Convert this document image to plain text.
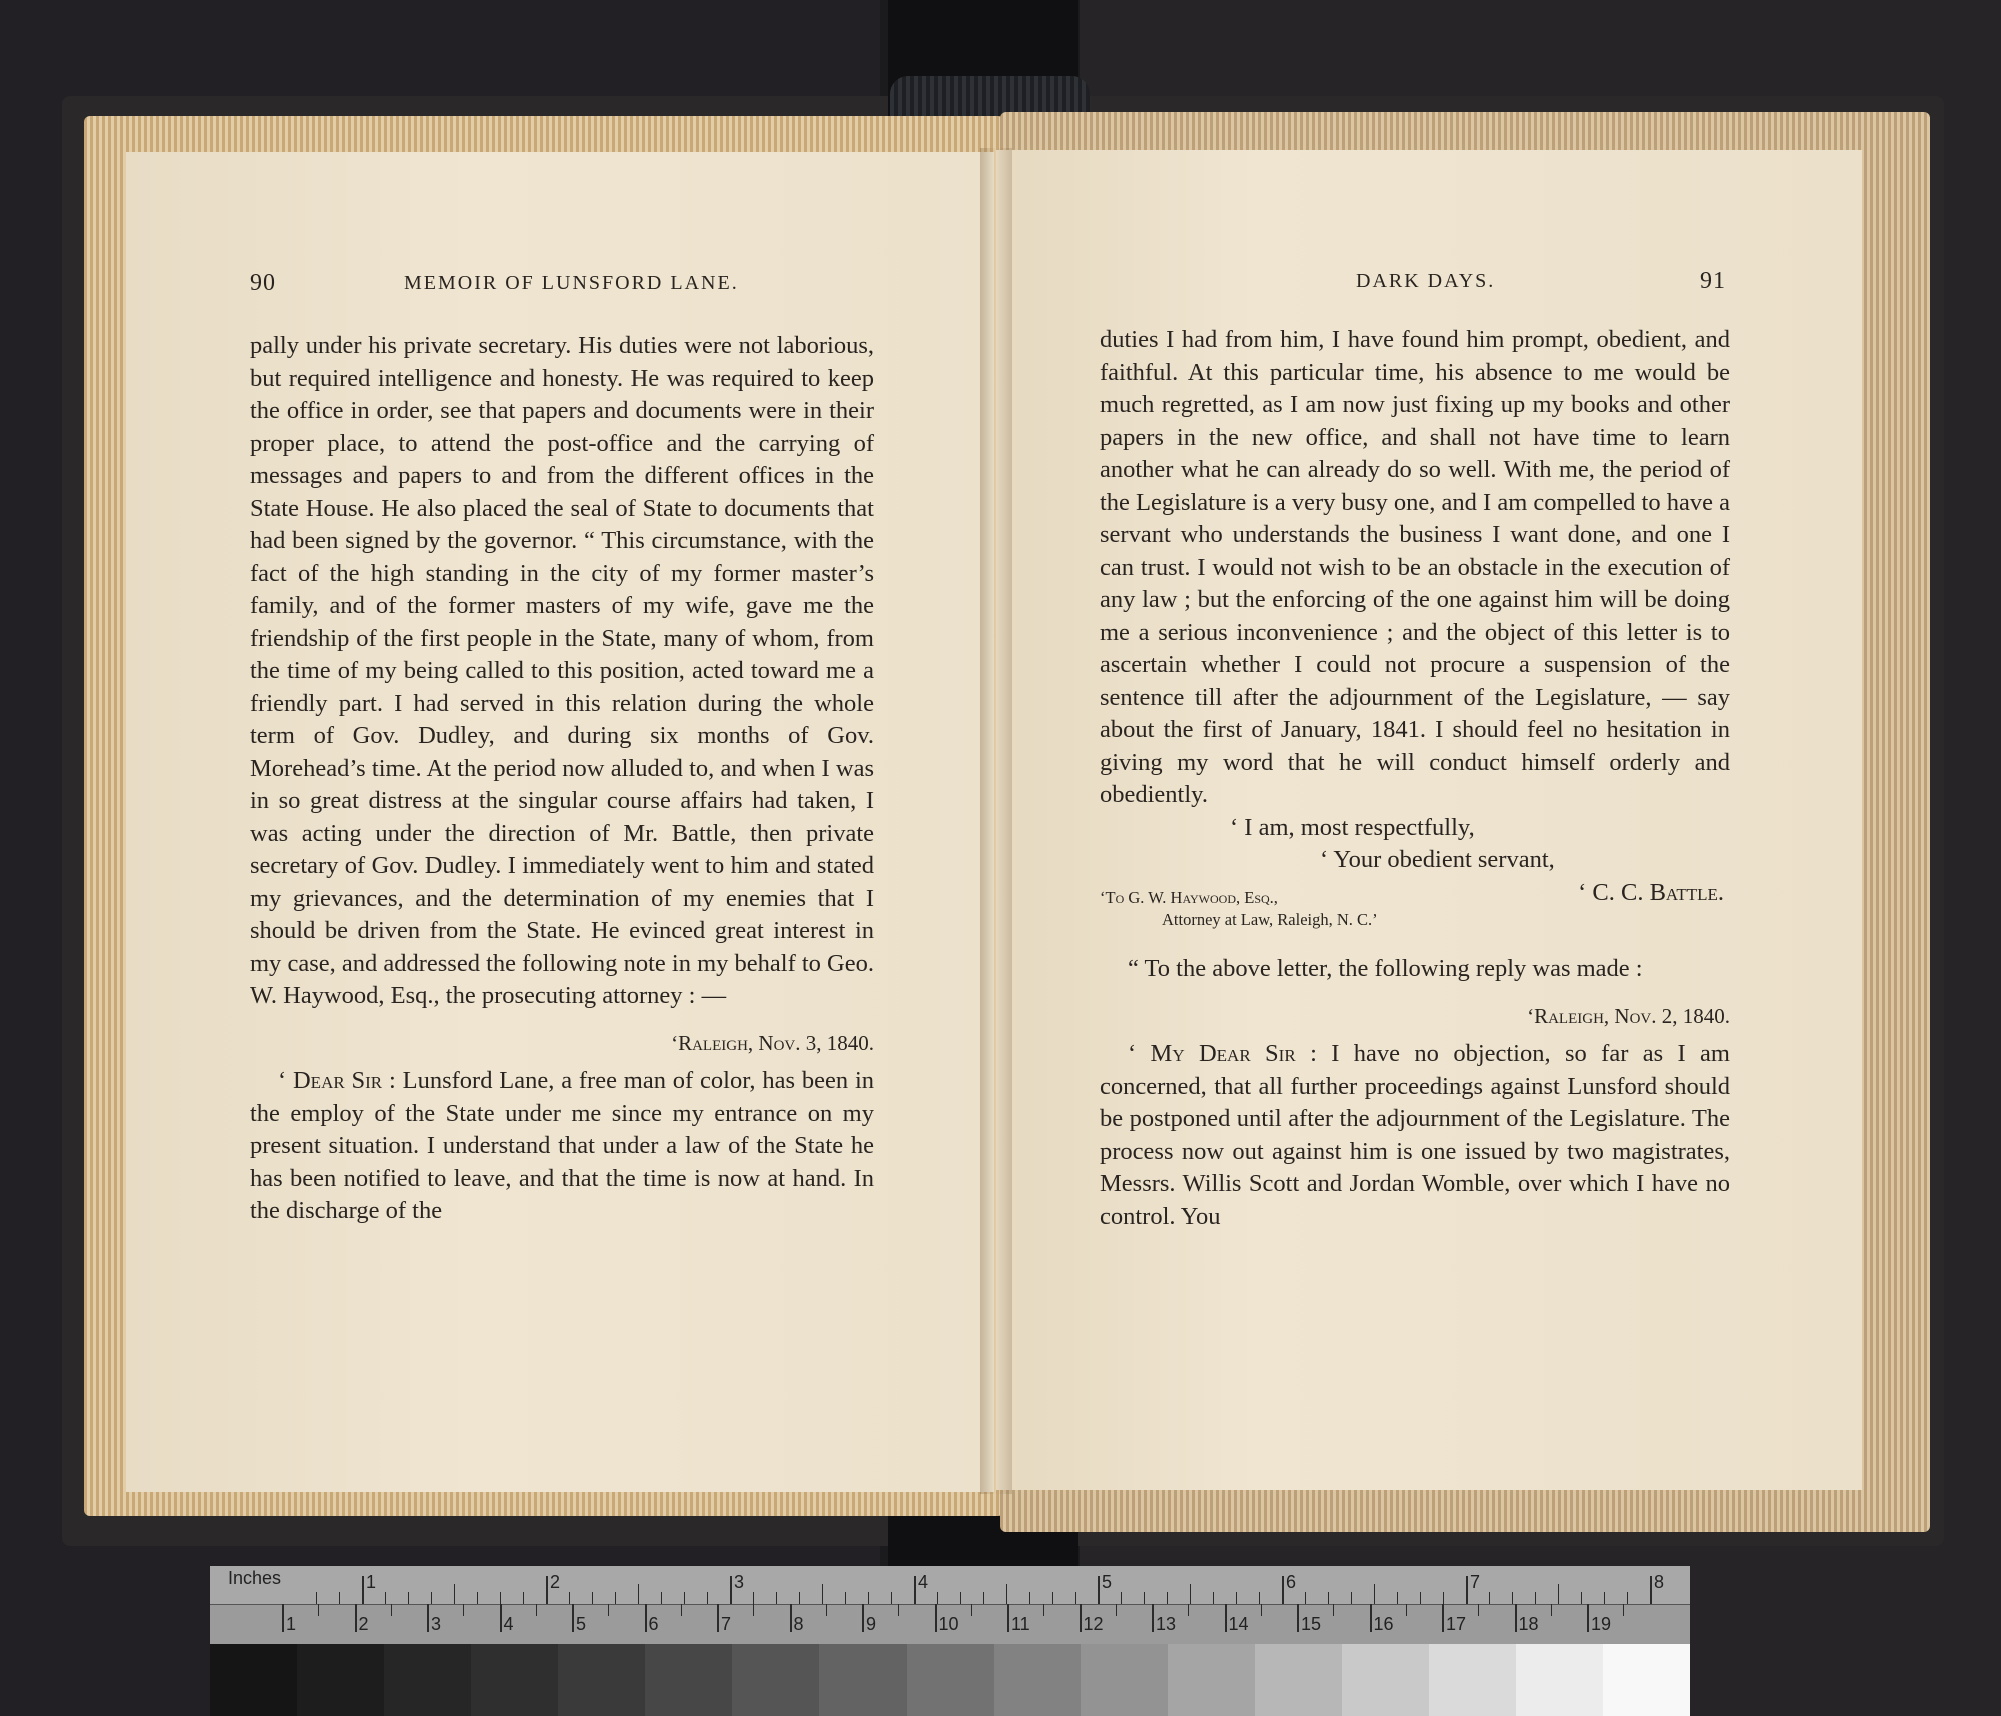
90	MEMOIR OF LUNSFORD LANE.

pally under his private secretary. His duties were not laborious, but required intelligence and honesty. He was required to keep the office in order, see that papers and documents were in their proper place, to attend the post-office and the carrying of messages and papers to and from the different offices in the State House. He also placed the seal of State to documents that had been signed by the governor. “ This circumstance, with the fact of the high standing in the city of my former master’s family, and of the former masters of my wife, gave me the friendship of the first people in the State, many of whom, from the time of my being called to this position, acted toward me a friendly part. I had served in this relation during the whole term of Gov. Dudley, and during six months of Gov. Morehead’s time. At the period now alluded to, and when I was in so great distress at the singular course affairs had taken, I was acting under the direction of Mr. Battle, then private secretary of Gov. Dudley. I immediately went to him and stated my grievances, and the determination of my enemies that I should be driven from the State. He evinced great interest in my case, and addressed the following note in my behalf to Geo. W. Haywood, Esq., the prosecuting attorney : —

‘Raleigh, Nov. 3, 1840.

‘ Dear Sir : Lunsford Lane, a free man of color, has been in the employ of the State under me since my entrance on my present situation. I understand that under a law of the State he has been notified to leave, and that the time is now at hand. In the discharge of the

DARK DAYS.	91

duties I had from him, I have found him prompt, obedient, and faithful. At this particular time, his absence to me would be much regretted, as I am now just fixing up my books and other papers in the new office, and shall not have time to learn another what he can already do so well. With me, the period of the Legislature is a very busy one, and I am compelled to have a servant who understands the business I want done, and one I can trust. I would not wish to be an obstacle in the execution of any law ; but the enforcing of the one against him will be doing me a serious inconvenience ; and the object of this letter is to ascertain whether I could not procure a suspension of the sentence till after the adjournment of the Legislature, — say about the first of January, 1841. I should feel no hesitation in giving my word that he will conduct himself orderly and obediently.

‘ I am, most respectfully,

‘ Your obedient servant,

‘ C. C. Battle.

‘To G. W. Haywood, Esq.,
Attorney at Law, Raleigh, N. C.’

“ To the above letter, the following reply was made :

‘Raleigh, Nov. 2, 1840.

‘ My Dear Sir : I have no objection, so far as I am concerned, that all further proceedings against Lunsford should be postponed until after the adjournment of the Legislature. The process now out against him is one issued by two magistrates, Messrs. Willis Scott and Jordan Womble, over which I have no control. You

Inches	1	2	3	4	5	6	7	8
1	2	3	4	5	6	7	8	9	10	11	12	13	14	15	16	17	18	19
